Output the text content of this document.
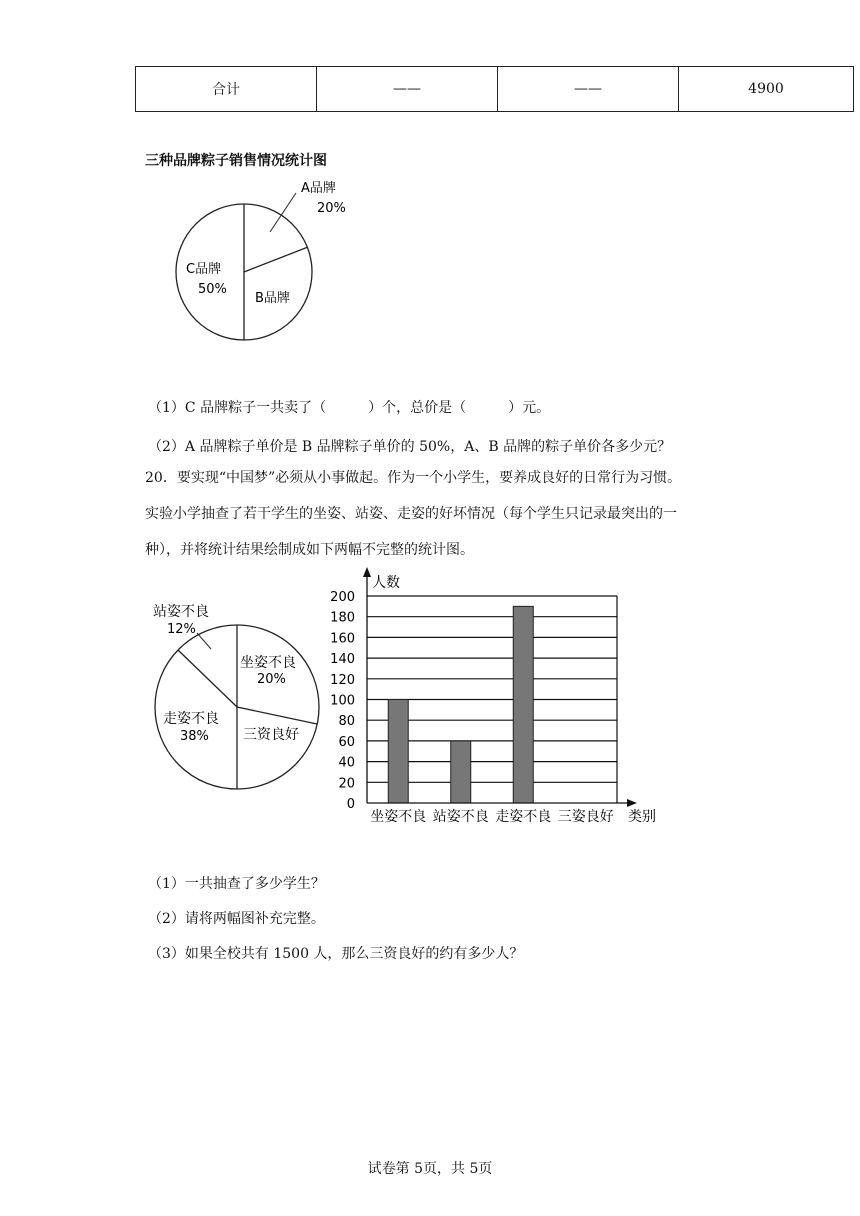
合计	——	——	4900
三种品牌粽子销售情况统计图
A品牌
20%
B品牌
C品牌
50%
（1）C 品牌粽子一共卖了（　　　）个，总价是（　　　）元。
（2）A 品牌粽子单价是 B 品牌粽子单价的 50%，A、B 品牌的粽子单价各多少元？
20．要实现“中国梦”必须从小事做起。作为一个小学生，要养成良好的日常行为习惯。
实验小学抽查了若干学生的坐姿、站姿、走姿的好坏情况（每个学生只记录最突出的一
种），并将统计结果绘制成如下两幅不完整的统计图。
站姿不良
12%
坐姿不良
20%
走姿不良
38% 三资良好
200
180
160
140
120
100
80
60
40
20
0
坐姿不良 站姿不良 走姿不良 三姿良好
人数
类别
（1）一共抽查了多少学生？
（2）请将两幅图补充完整。
（3）如果全校共有 1500 人，那么三资良好的约有多少人？
试卷第 5页，共 5页
